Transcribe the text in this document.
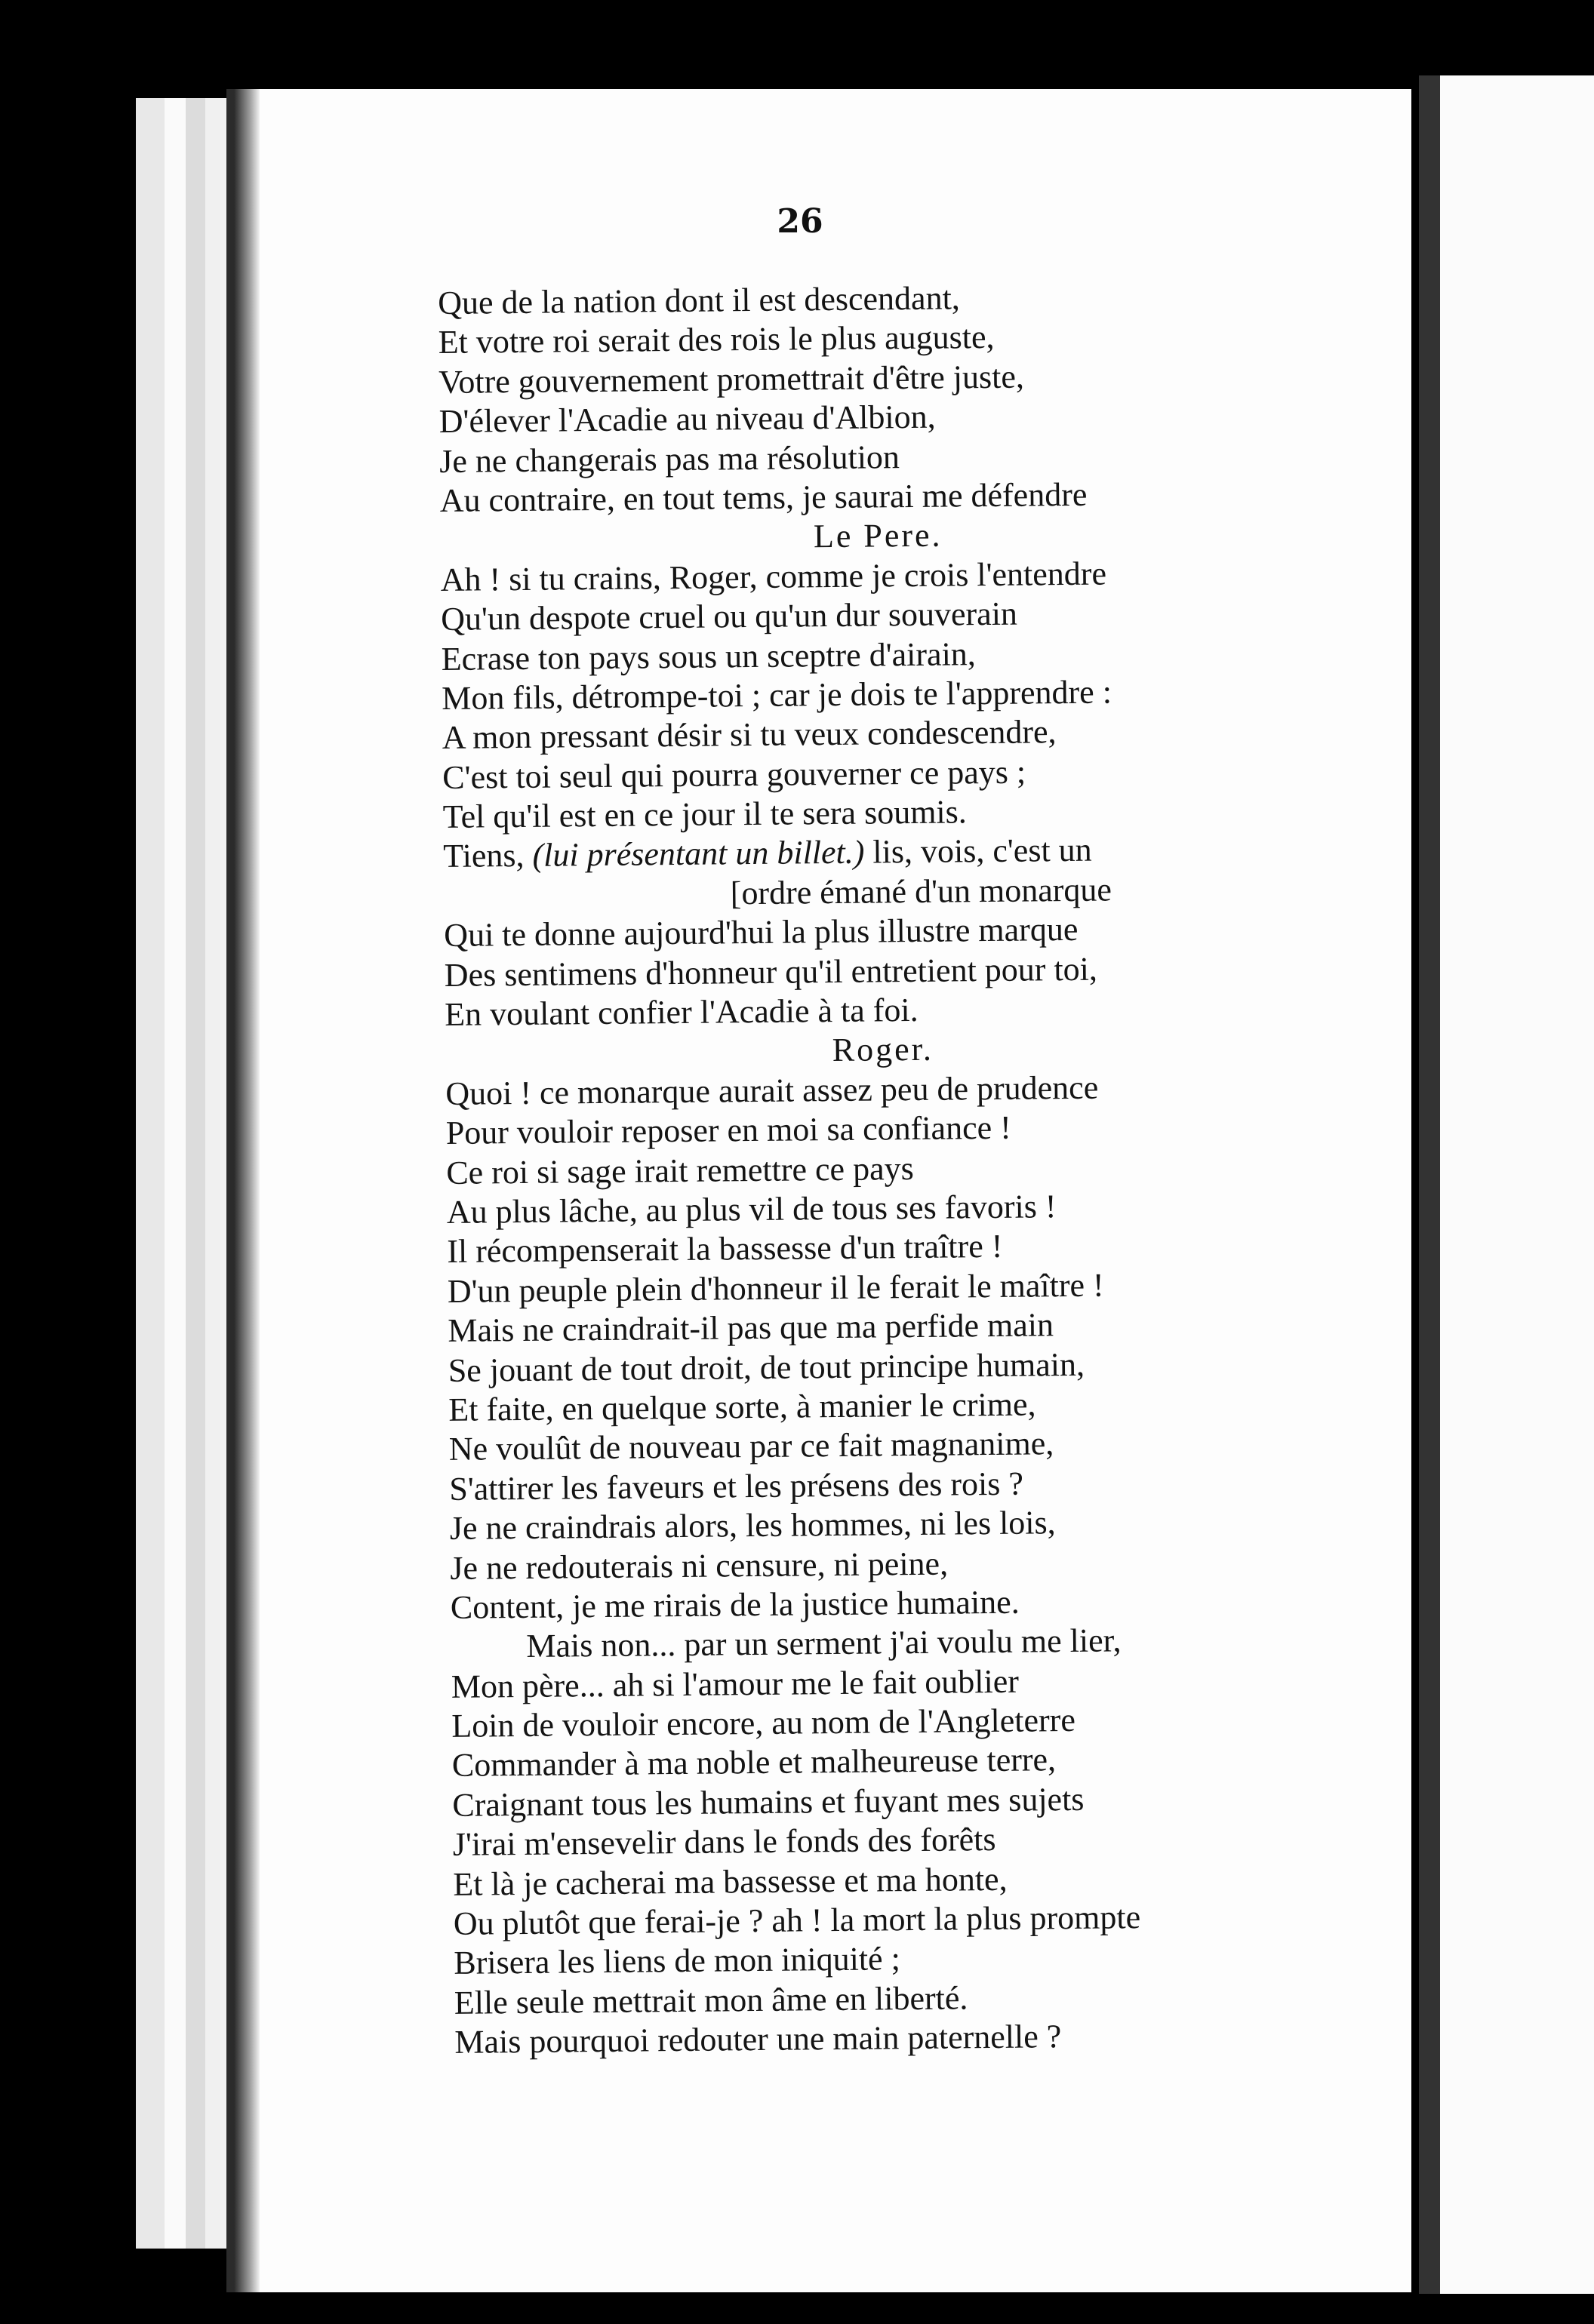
26
Que de la nation dont il est descendant,
Et votre roi serait des rois le plus auguste,
Votre gouvernement promettrait d'être juste,
D'élever l'Acadie au niveau d'Albion,
Je ne changerais pas ma résolution
Au contraire, en tout tems, je saurai me défendre
Le Pere.
Ah ! si tu crains, Roger, comme je crois l'entendre
Qu'un despote cruel ou qu'un dur souverain
Ecrase ton pays sous un sceptre d'airain,
Mon fils, détrompe-toi ; car je dois te l'apprendre :
A mon pressant désir si tu veux condescendre,
C'est toi seul qui pourra gouverner ce pays ;
Tel qu'il est en ce jour il te sera soumis.
Tiens, (lui présentant un billet.) lis, vois, c'est un
[ordre émané d'un monarque
Qui te donne aujourd'hui la plus illustre marque
Des sentimens d'honneur qu'il entretient pour toi,
En voulant confier l'Acadie à ta foi.
Roger.
Quoi ! ce monarque aurait assez peu de prudence
Pour vouloir reposer en moi sa confiance !
Ce roi si sage irait remettre ce pays
Au plus lâche, au plus vil de tous ses favoris !
Il récompenserait la bassesse d'un traître !
D'un peuple plein d'honneur il le ferait le maître !
Mais ne craindrait-il pas que ma perfide main
Se jouant de tout droit, de tout principe humain,
Et faite, en quelque sorte, à manier le crime,
Ne voulût de nouveau par ce fait magnanime,
S'attirer les faveurs et les présens des rois ?
Je ne craindrais alors, les hommes, ni les lois,
Je ne redouterais ni censure, ni peine,
Content, je me rirais de la justice humaine.
Mais non... par un serment j'ai voulu me lier,
Mon père... ah si l'amour me le fait oublier
Loin de vouloir encore, au nom de l'Angleterre
Commander à ma noble et malheureuse terre,
Craignant tous les humains et fuyant mes sujets
J'irai m'ensevelir dans le fonds des forêts
Et là je cacherai ma bassesse et ma honte,
Ou plutôt que ferai-je ? ah ! la mort la plus prompte
Brisera les liens de mon iniquité ;
Elle seule mettrait mon âme en liberté.
Mais pourquoi redouter une main paternelle ?
